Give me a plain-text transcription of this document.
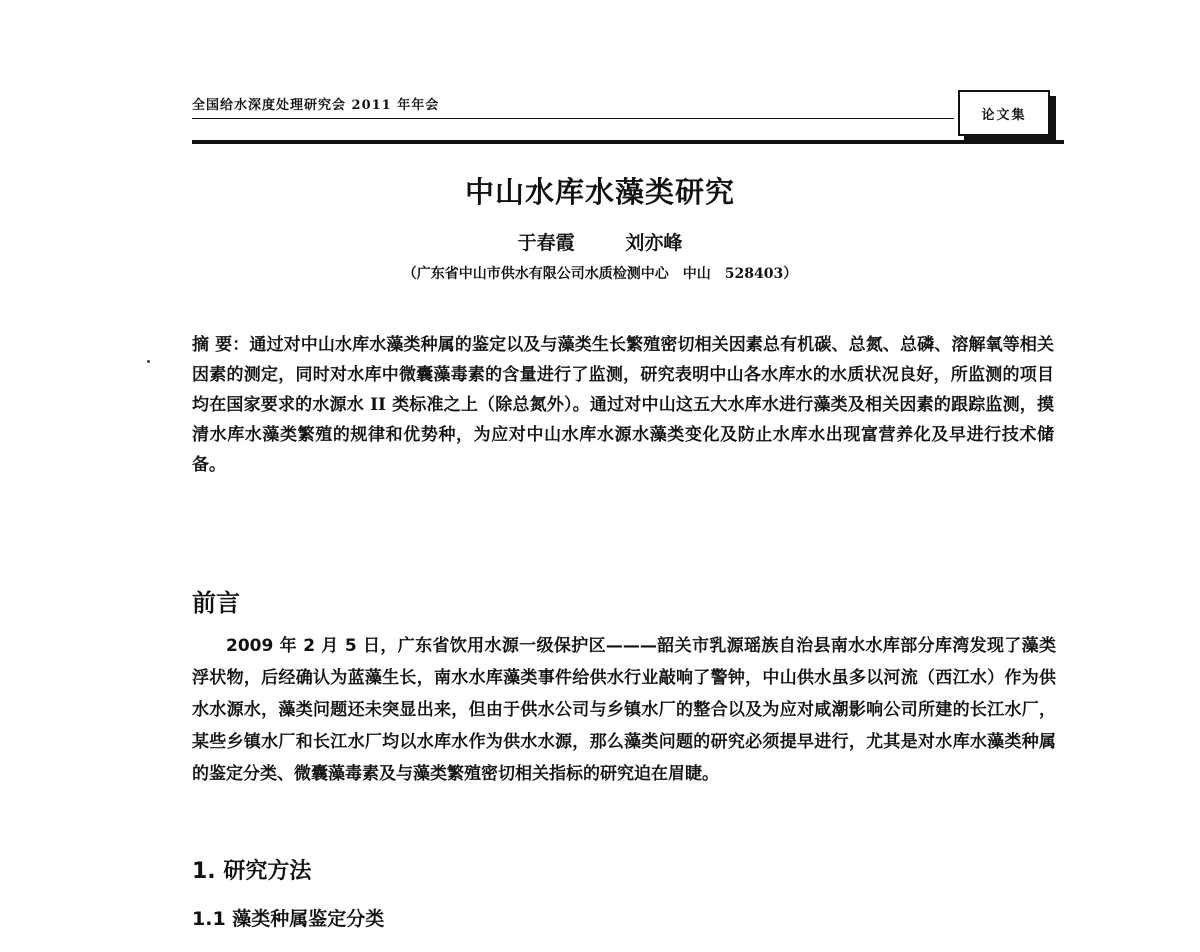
全国给水深度处理研究会 2011 年年会
论文集
中山水库水藻类研究
于春霞	刘亦峰
（广东省中山市供水有限公司水质检测中心　中山　528403）
摘 要：通过对中山水库水藻类种属的鉴定以及与藻类生长繁殖密切相关因素总有机碳、总氮、总磷、溶解氧等相关因素的测定，同时对水库中微囊藻毒素的含量进行了监测，研究表明中山各水库水的水质状况良好，所监测的项目均在国家要求的水源水 II 类标准之上（除总氮外）。通过对中山这五大水库水进行藻类及相关因素的跟踪监测，摸清水库水藻类繁殖的规律和优势种，为应对中山水库水源水藻类变化及防止水库水出现富营养化及早进行技术储备。
前言
2009 年 2 月 5 日，广东省饮用水源一级保护区———韶关市乳源瑶族自治县南水水库部分库湾发现了藻类浮状物，后经确认为蓝藻生长，南水水库藻类事件给供水行业敲响了警钟，中山供水虽多以河流（西江水）作为供水水源水，藻类问题还未突显出来，但由于供水公司与乡镇水厂的整合以及为应对咸潮影响公司所建的长江水厂，某些乡镇水厂和长江水厂均以水库水作为供水水源，那么藻类问题的研究必须提早进行，尤其是对水库水藻类种属的鉴定分类、微囊藻毒素及与藻类繁殖密切相关指标的研究迫在眉睫。
1. 研究方法
1.1 藻类种属鉴定分类
